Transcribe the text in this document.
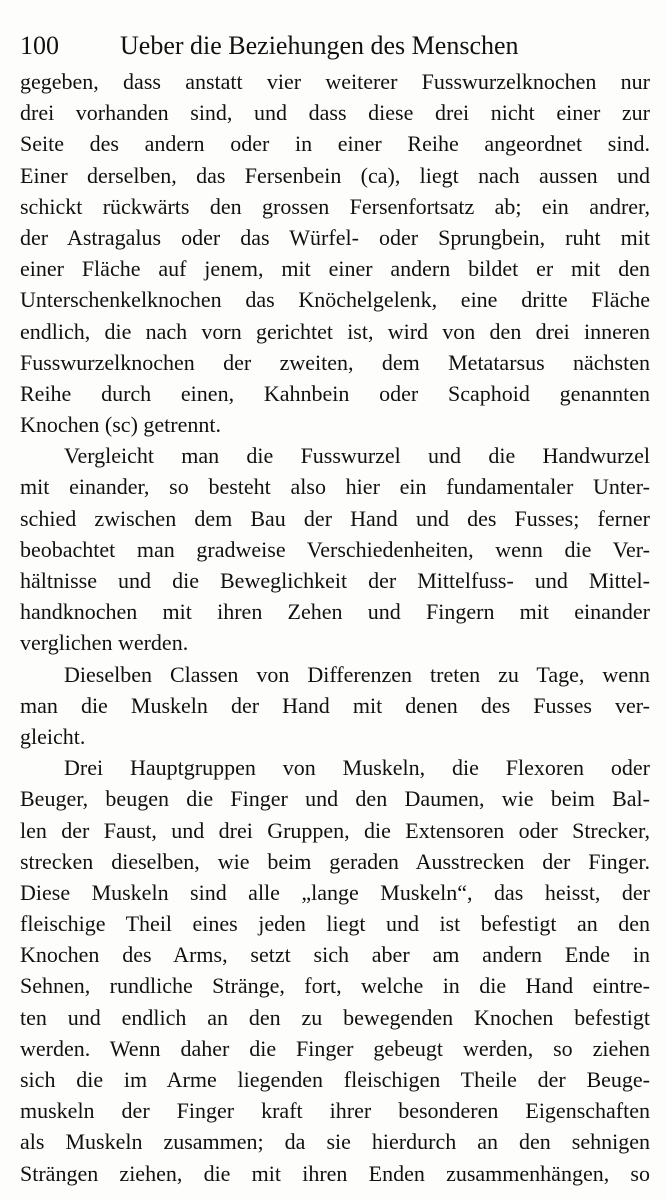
100 Ueber die Beziehungen des Menschen
gegeben, dass anstatt vier weiterer Fusswurzelknochen nur
drei vorhanden sind, und dass diese drei nicht einer zur
Seite des andern oder in einer Reihe angeordnet sind.
Einer derselben, das Fersenbein (ca), liegt nach aussen und
schickt rückwärts den grossen Fersenfortsatz ab; ein andrer,
der Astragalus oder das Würfel- oder Sprungbein, ruht mit
einer Fläche auf jenem, mit einer andern bildet er mit den
Unterschenkelknochen das Knöchelgelenk, eine dritte Fläche
endlich, die nach vorn gerichtet ist, wird von den drei inneren
Fusswurzelknochen der zweiten, dem Metatarsus nächsten
Reihe durch einen, Kahnbein oder Scaphoid genannten
Knochen (sc) getrennt.
Vergleicht man die Fusswurzel und die Handwurzel
mit einander, so besteht also hier ein fundamentaler Unter-
schied zwischen dem Bau der Hand und des Fusses; ferner
beobachtet man gradweise Verschiedenheiten, wenn die Ver-
hältnisse und die Beweglichkeit der Mittelfuss- und Mittel-
handknochen mit ihren Zehen und Fingern mit einander
verglichen werden.
Dieselben Classen von Differenzen treten zu Tage, wenn
man die Muskeln der Hand mit denen des Fusses ver-
gleicht.
Drei Hauptgruppen von Muskeln, die Flexoren oder
Beuger, beugen die Finger und den Daumen, wie beim Bal-
len der Faust, und drei Gruppen, die Extensoren oder Strecker,
strecken dieselben, wie beim geraden Ausstrecken der Finger.
Diese Muskeln sind alle „lange Muskeln“, das heisst, der
fleischige Theil eines jeden liegt und ist befestigt an den
Knochen des Arms, setzt sich aber am andern Ende in
Sehnen, rundliche Stränge, fort, welche in die Hand eintre-
ten und endlich an den zu bewegenden Knochen befestigt
werden. Wenn daher die Finger gebeugt werden, so ziehen
sich die im Arme liegenden fleischigen Theile der Beuge-
muskeln der Finger kraft ihrer besonderen Eigenschaften
als Muskeln zusammen; da sie hierdurch an den sehnigen
Strängen ziehen, die mit ihren Enden zusammenhängen, so
